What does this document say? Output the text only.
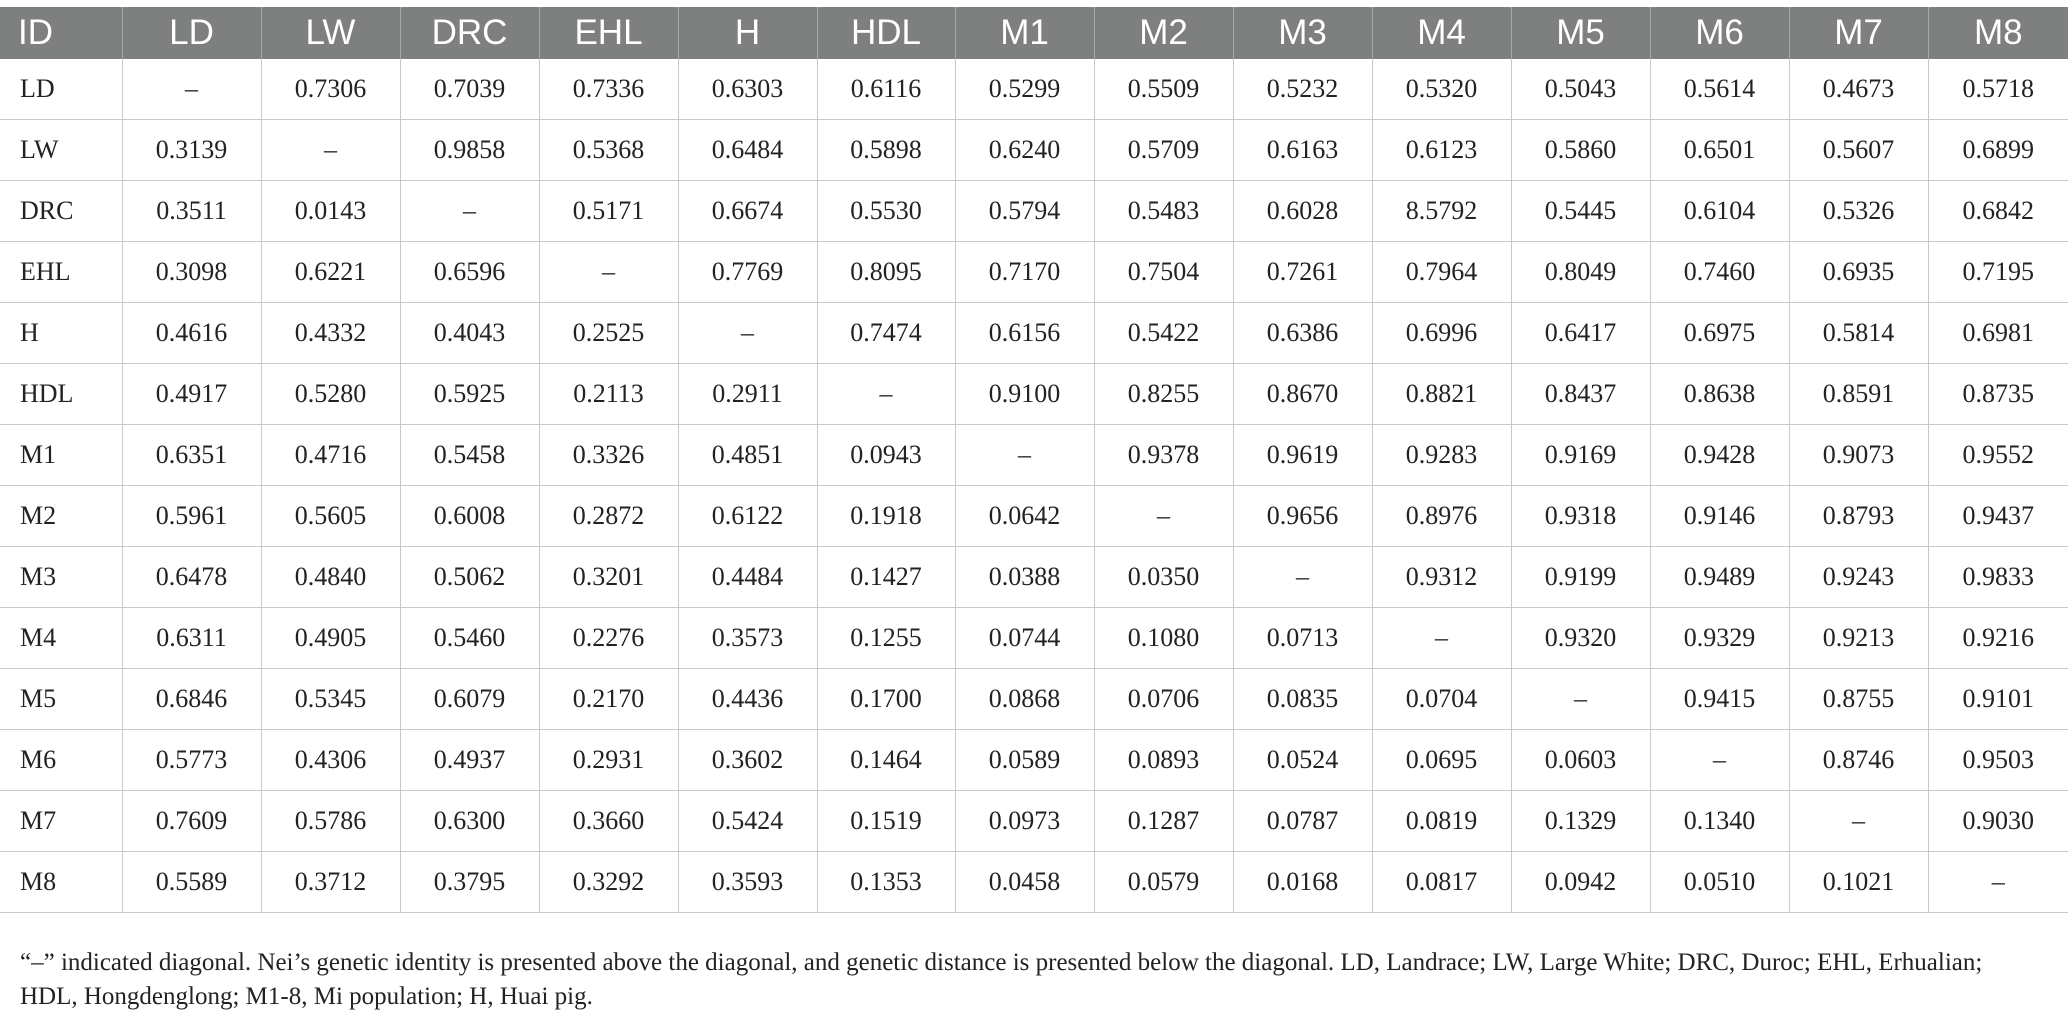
ID	LD	LW	DRC	EHL	H	HDL	M1	M2	M3	M4	M5	M6	M7	M8
LD	–	0.7306	0.7039	0.7336	0.6303	0.6116	0.5299	0.5509	0.5232	0.5320	0.5043	0.5614	0.4673	0.5718
LW	0.3139	–	0.9858	0.5368	0.6484	0.5898	0.6240	0.5709	0.6163	0.6123	0.5860	0.6501	0.5607	0.6899
DRC	0.3511	0.0143	–	0.5171	0.6674	0.5530	0.5794	0.5483	0.6028	8.5792	0.5445	0.6104	0.5326	0.6842
EHL	0.3098	0.6221	0.6596	–	0.7769	0.8095	0.7170	0.7504	0.7261	0.7964	0.8049	0.7460	0.6935	0.7195
H	0.4616	0.4332	0.4043	0.2525	–	0.7474	0.6156	0.5422	0.6386	0.6996	0.6417	0.6975	0.5814	0.6981
HDL	0.4917	0.5280	0.5925	0.2113	0.2911	–	0.9100	0.8255	0.8670	0.8821	0.8437	0.8638	0.8591	0.8735
M1	0.6351	0.4716	0.5458	0.3326	0.4851	0.0943	–	0.9378	0.9619	0.9283	0.9169	0.9428	0.9073	0.9552
M2	0.5961	0.5605	0.6008	0.2872	0.6122	0.1918	0.0642	–	0.9656	0.8976	0.9318	0.9146	0.8793	0.9437
M3	0.6478	0.4840	0.5062	0.3201	0.4484	0.1427	0.0388	0.0350	–	0.9312	0.9199	0.9489	0.9243	0.9833
M4	0.6311	0.4905	0.5460	0.2276	0.3573	0.1255	0.0744	0.1080	0.0713	–	0.9320	0.9329	0.9213	0.9216
M5	0.6846	0.5345	0.6079	0.2170	0.4436	0.1700	0.0868	0.0706	0.0835	0.0704	–	0.9415	0.8755	0.9101
M6	0.5773	0.4306	0.4937	0.2931	0.3602	0.1464	0.0589	0.0893	0.0524	0.0695	0.0603	–	0.8746	0.9503
M7	0.7609	0.5786	0.6300	0.3660	0.5424	0.1519	0.0973	0.1287	0.0787	0.0819	0.1329	0.1340	–	0.9030
M8	0.5589	0.3712	0.3795	0.3292	0.3593	0.1353	0.0458	0.0579	0.0168	0.0817	0.0942	0.0510	0.1021	–
“–” indicated diagonal. Nei’s genetic identity is presented above the diagonal, and genetic distance is presented below the diagonal. LD, Landrace; LW, Large White; DRC, Duroc; EHL, Erhualian; HDL, Hongdenglong; M1-8, Mi population; H, Huai pig.
